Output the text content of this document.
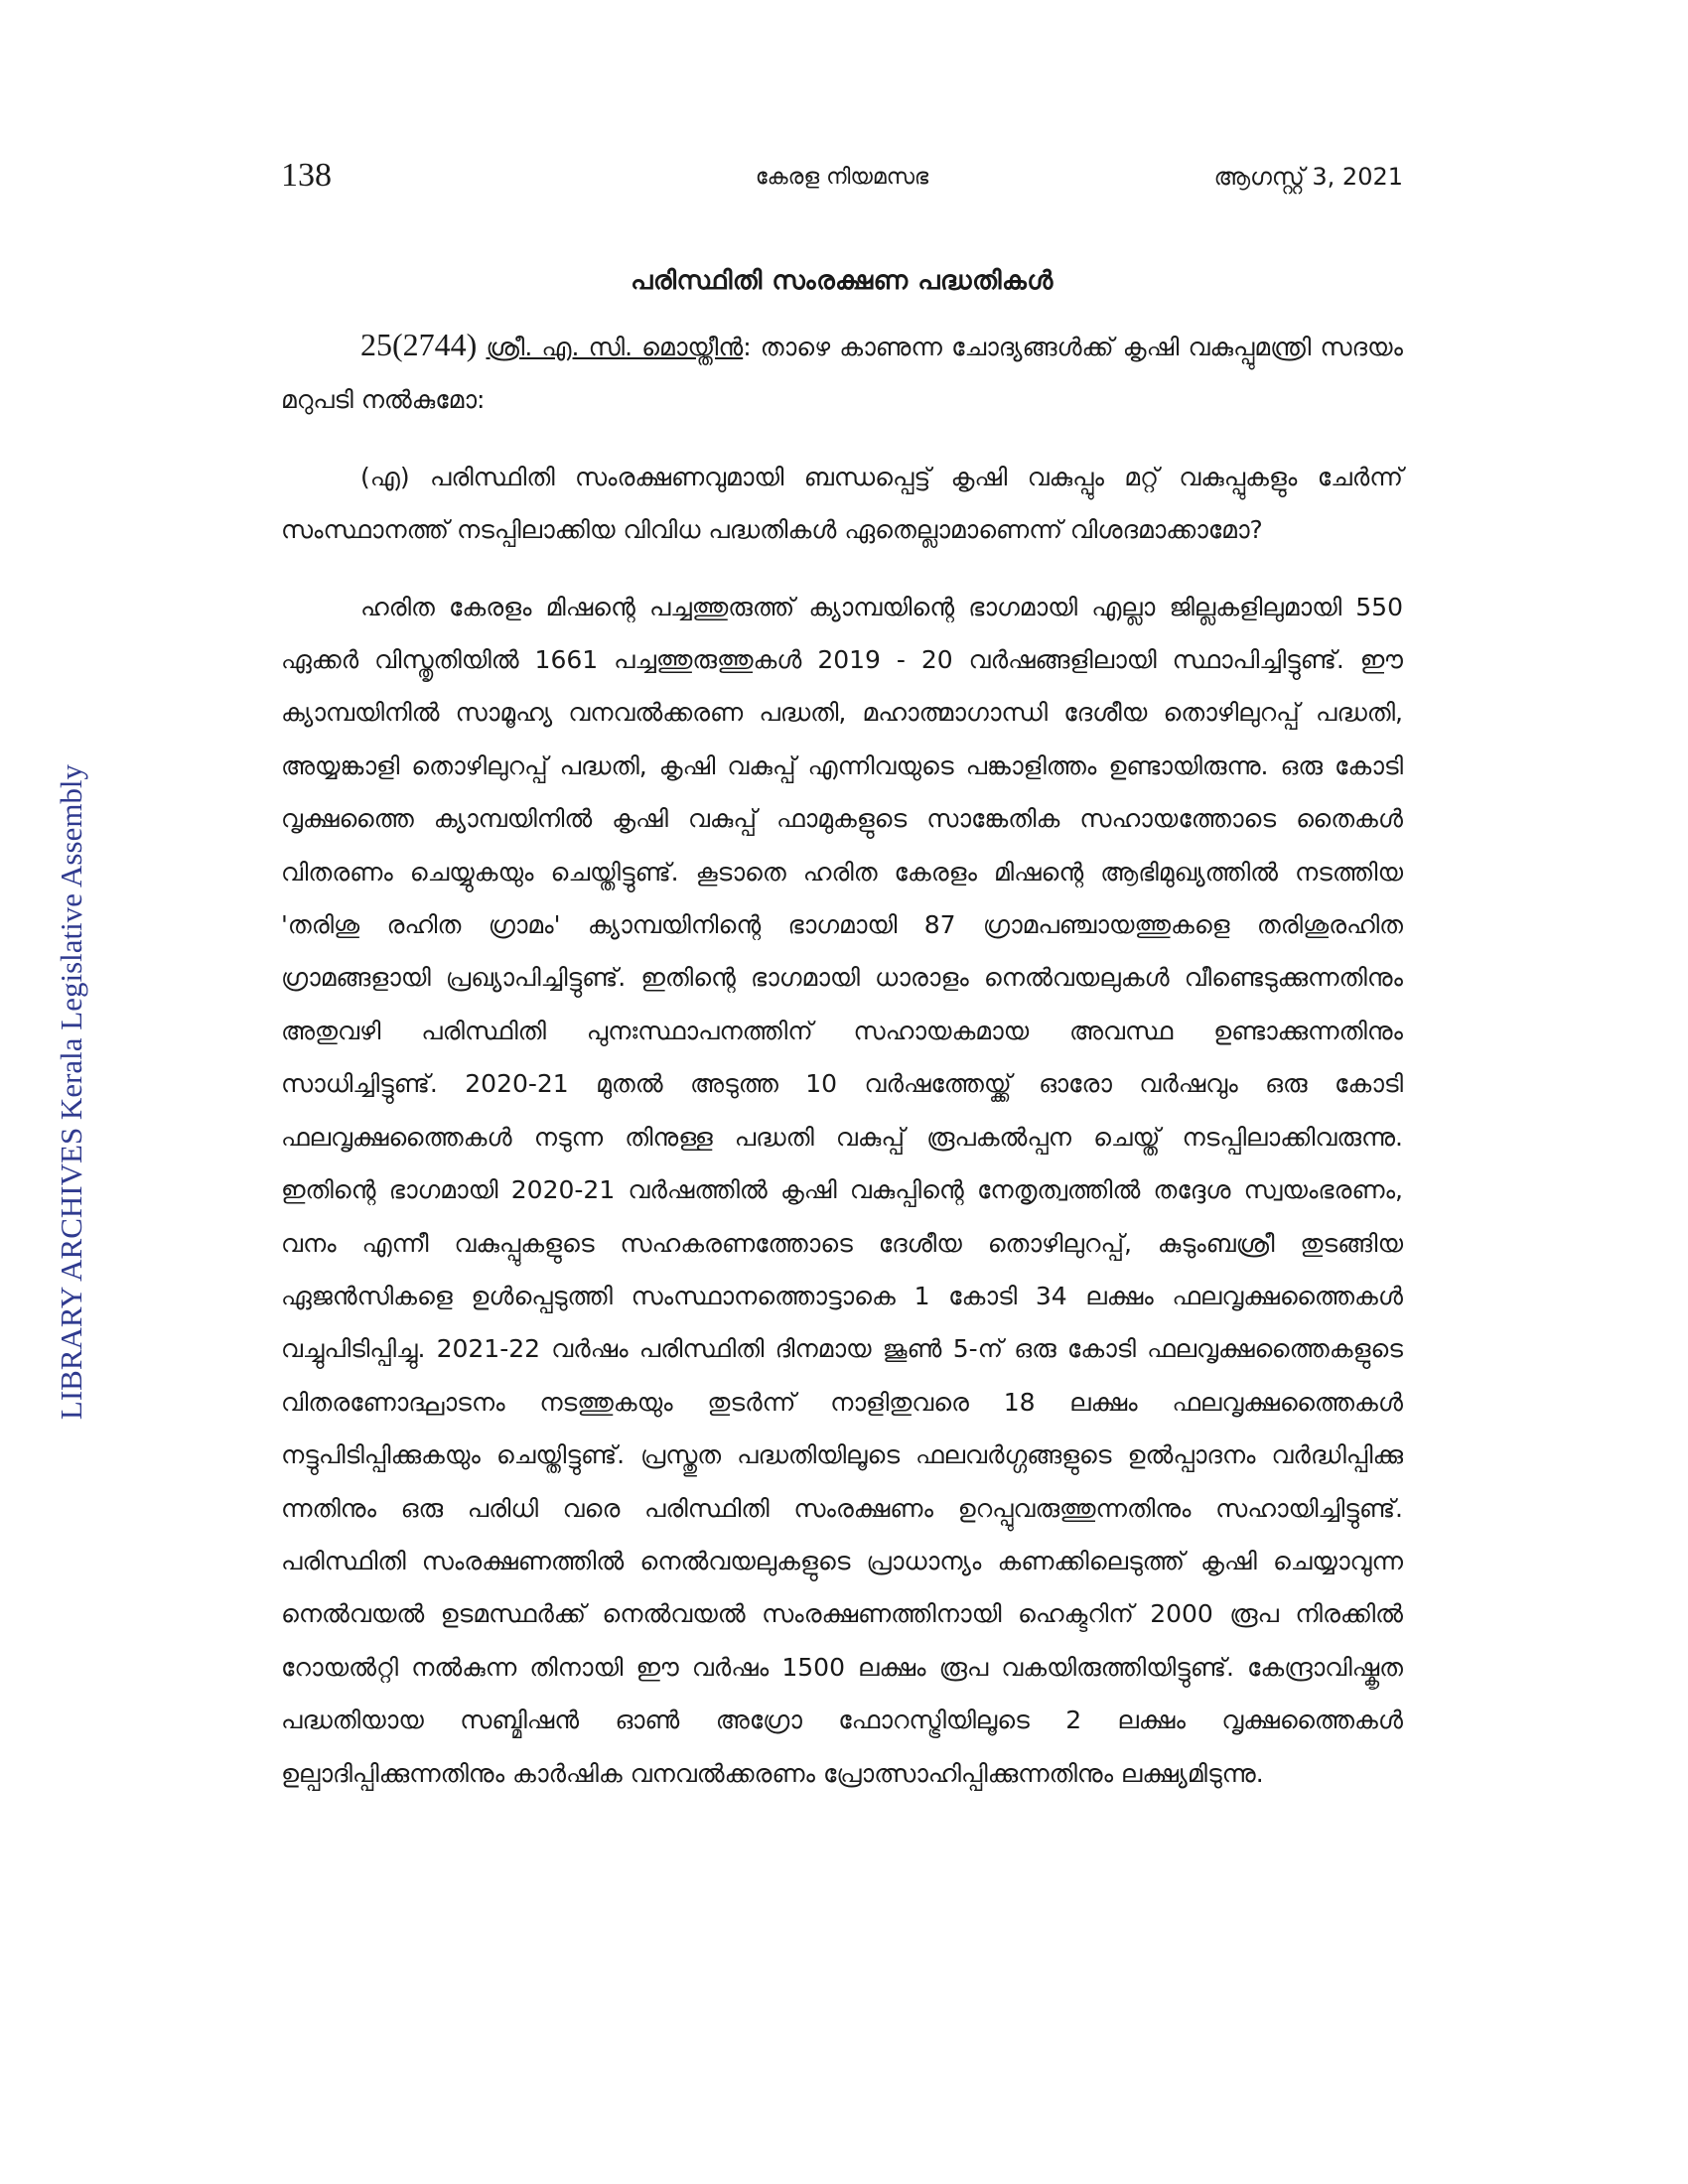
138	കേരള നിയമസഭ	ആഗസ്റ്റ് 3, 2021
LIBRARY ARCHIVES Kerala Legislative Assembly
പരിസ്ഥിതി സംരക്ഷണ പദ്ധതികൾ

25(2744) ശ്രീ. എ. സി. മൊയ്തീൻ: താഴെ കാണുന്ന ചോദ്യങ്ങൾക്ക് കൃഷി വകുപ്പുമന്ത്രി സദയം മറുപടി നൽകുമോ:

(എ) പരിസ്ഥിതി സംരക്ഷണവുമായി ബന്ധപ്പെട്ട് കൃഷി വകുപ്പും മറ്റ് വകുപ്പുകളും ചേർന്ന് സംസ്ഥാനത്ത് നടപ്പിലാക്കിയ വിവിധ പദ്ധതികൾ ഏതെല്ലാമാണെന്ന് വിശദമാക്കാമോ?

ഹരിത കേരളം മിഷന്റെ പച്ചത്തുരുത്ത് ക്യാമ്പയിന്റെ ഭാഗമായി എല്ലാ ജില്ലകളിലുമായി 550 ഏക്കർ വിസ്തൃതിയിൽ 1661 പച്ചത്തുരുത്തുകൾ 2019 - 20 വർഷങ്ങളിലായി സ്ഥാപിച്ചിട്ടുണ്ട്. ഈ ക്യാമ്പയിനിൽ സാമൂഹ്യ വനവൽക്കരണ പദ്ധതി, മഹാത്മാഗാന്ധി ദേശീയ തൊഴിലുറപ്പ് പദ്ധതി, അയ്യങ്കാളി തൊഴിലുറപ്പ് പദ്ധതി, കൃഷി വകുപ്പ് എന്നിവയുടെ പങ്കാളിത്തം ഉണ്ടായിരുന്നു. ഒരു കോടി വൃക്ഷത്തൈ ക്യാമ്പയിനിൽ കൃഷി വകുപ്പ് ഫാമുകളുടെ സാങ്കേതിക സഹായത്തോടെ തൈകൾ വിതരണം ചെയ്യുകയും ചെയ്തിട്ടുണ്ട്. കൂടാതെ ഹരിത കേരളം മിഷന്റെ ആഭിമുഖ്യത്തിൽ നടത്തിയ 'തരിശു രഹിത ഗ്രാമം' ക്യാമ്പയിനിന്റെ ഭാഗമായി 87 ഗ്രാമപഞ്ചായത്തുകളെ തരിശുരഹിത ഗ്രാമങ്ങളായി പ്രഖ്യാപിച്ചിട്ടുണ്ട്. ഇതിന്റെ ഭാഗമായി ധാരാളം നെൽവയലുകൾ വീണ്ടെടുക്കുന്നതിനും അതുവഴി പരിസ്ഥിതി പുനഃസ്ഥാപനത്തിന് സഹായകമായ അവസ്ഥ ഉണ്ടാക്കുന്നതിനും സാധിച്ചിട്ടുണ്ട്. 2020-21 മുതൽ അടുത്ത 10 വർഷത്തേയ്ക്ക് ഓരോ വർഷവും ഒരു കോടി ഫലവൃക്ഷത്തൈകൾ നടുന്ന തിനുള്ള പദ്ധതി വകുപ്പ് രൂപകൽപ്പന ചെയ്ത് നടപ്പിലാക്കിവരുന്നു. ഇതിന്റെ ഭാഗമായി 2020-21 വർഷത്തിൽ കൃഷി വകുപ്പിന്റെ നേതൃത്വത്തിൽ തദ്ദേശ സ്വയംഭരണം, വനം എന്നീ വകുപ്പുകളുടെ സഹകരണത്തോടെ ദേശീയ തൊഴിലുറപ്പ്, കുടുംബശ്രീ തുടങ്ങിയ ഏജൻസികളെ ഉൾപ്പെടുത്തി സംസ്ഥാനത്തൊട്ടാകെ 1 കോടി 34 ലക്ഷം ഫലവൃക്ഷത്തൈകൾ വച്ചുപിടിപ്പിച്ചു. 2021-22 വർഷം പരിസ്ഥിതി ദിനമായ ജൂൺ 5-ന് ഒരു കോടി ഫലവൃക്ഷത്തൈകളുടെ വിതരണോദ്ഘാടനം നടത്തുകയും തുടർന്ന് നാളിതുവരെ 18 ലക്ഷം ഫലവൃക്ഷത്തൈകൾ നട്ടുപിടിപ്പിക്കുകയും ചെയ്തിട്ടുണ്ട്. പ്രസ്തുത പദ്ധതിയിലൂടെ ഫലവർഗ്ഗങ്ങളുടെ ഉൽപ്പാദനം വർദ്ധിപ്പിക്കു ന്നതിനും ഒരു പരിധി വരെ പരിസ്ഥിതി സംരക്ഷണം ഉറപ്പുവരുത്തുന്നതിനും സഹായിച്ചിട്ടുണ്ട്. പരിസ്ഥിതി സംരക്ഷണത്തിൽ നെൽവയലുകളുടെ പ്രാധാന്യം കണക്കിലെടുത്ത് കൃഷി ചെയ്യാവുന്ന നെൽവയൽ ഉടമസ്ഥർക്ക് നെൽവയൽ സംരക്ഷണത്തിനായി ഹെക്ടറിന് 2000 രൂപ നിരക്കിൽ റോയൽറ്റി നൽകുന്ന തിനായി ഈ വർഷം 1500 ലക്ഷം രൂപ വകയിരുത്തിയിട്ടുണ്ട്. കേന്ദ്രാവിഷ്കൃത പദ്ധതിയായ സബ്മിഷൻ ഓൺ അഗ്രോ ഫോറസ്ട്രിയിലൂടെ 2 ലക്ഷം വൃക്ഷത്തൈകൾ ഉല്പാദിപ്പിക്കുന്നതിനും കാർഷിക വനവൽക്കരണം പ്രോത്സാഹിപ്പിക്കുന്നതിനും ലക്ഷ്യമിടുന്നു.
